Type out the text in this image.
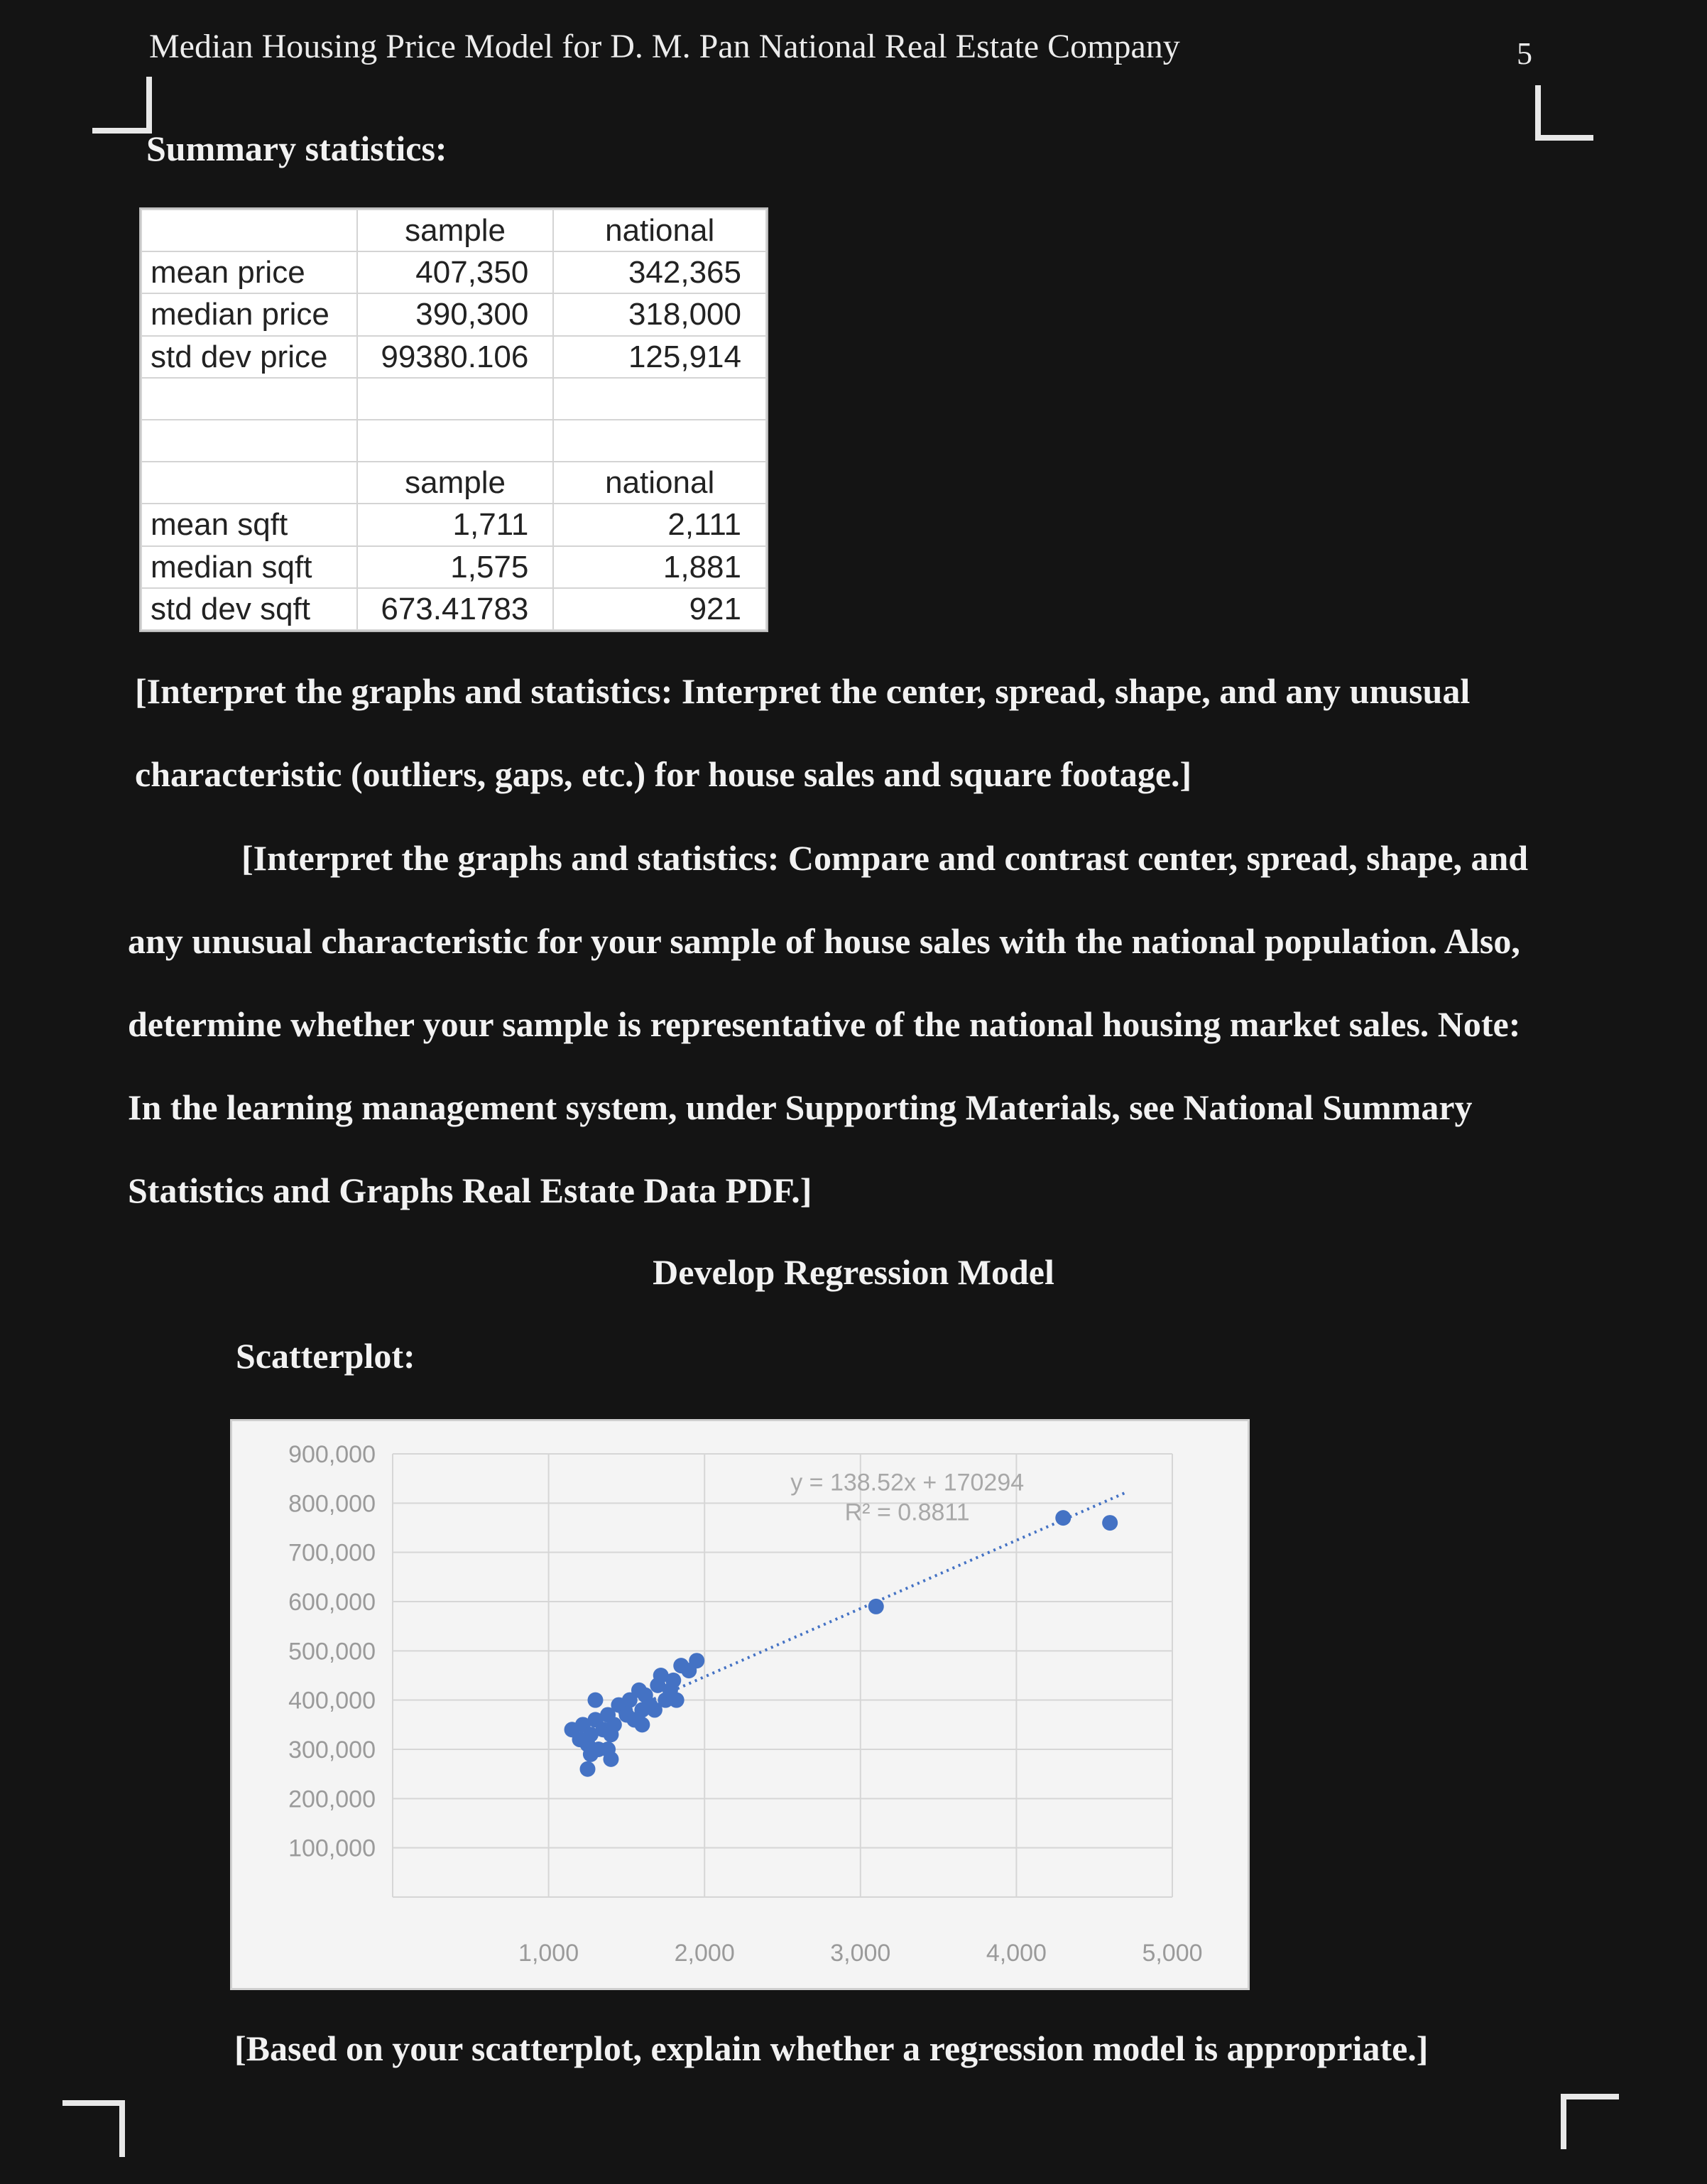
Median Housing Price Model for D. M. Pan National Real Estate Company	5
Summary statistics:
	sample	national
mean price	407,350	342,365
median price	390,300	318,000
std dev price	99380.106	125,914

	sample	national
mean sqft	1,711	2,111
median sqft	1,575	1,881
std dev sqft	673.41783	921
[Interpret the graphs and statistics: Interpret the center, spread, shape, and any unusual characteristic (outliers, gaps, etc.) for house sales and square footage.]
[Interpret the graphs and statistics: Compare and contrast center, spread, shape, and any unusual characteristic for your sample of house sales with the national population. Also, determine whether your sample is representative of the national housing market sales. Note: In the learning management system, under Supporting Materials, see National Summary Statistics and Graphs Real Estate Data PDF.]
Develop Regression Model
Scatterplot:
100,000
200,000
300,000
400,000
500,000
600,000
700,000
800,000
900,000
1,000	2,000	3,000	4,000	5,000
y = 138.52x + 170294
R² = 0.8811
[Based on your scatterplot, explain whether a regression model is appropriate.]
